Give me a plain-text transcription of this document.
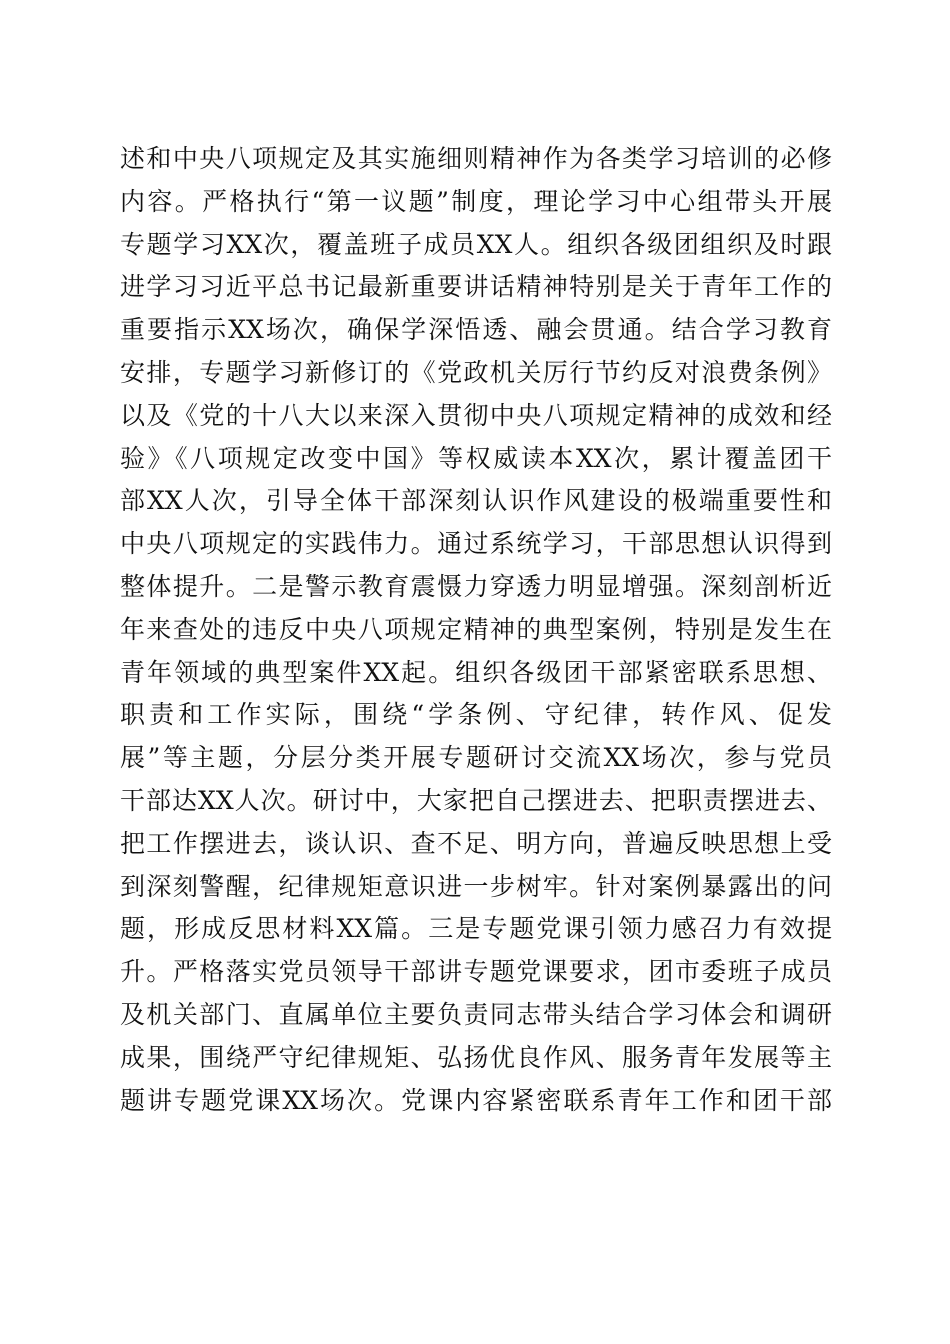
述和中央八项规定及其实施细则精神作为各类学习培训的必修
内容。严格执行“第一议题”制度，理论学习中心组带头开展
专题学习XX次，覆盖班子成员XX人。组织各级团组织及时跟
进学习习近平总书记最新重要讲话精神特别是关于青年工作的
重要指示XX场次，确保学深悟透、融会贯通。结合学习教育
安排，专题学习新修订的《党政机关厉行节约反对浪费条例》
以及《党的十八大以来深入贯彻中央八项规定精神的成效和经
验》《八项规定改变中国》等权威读本XX次，累计覆盖团干
部XX人次，引导全体干部深刻认识作风建设的极端重要性和
中央八项规定的实践伟力。通过系统学习，干部思想认识得到
整体提升。二是警示教育震慑力穿透力明显增强。深刻剖析近
年来查处的违反中央八项规定精神的典型案例，特别是发生在
青年领域的典型案件XX起。组织各级团干部紧密联系思想、
职责和工作实际，围绕“学条例、守纪律，转作风、促发
展”等主题，分层分类开展专题研讨交流XX场次，参与党员
干部达XX人次。研讨中，大家把自己摆进去、把职责摆进去、
把工作摆进去，谈认识、查不足、明方向，普遍反映思想上受
到深刻警醒，纪律规矩意识进一步树牢。针对案例暴露出的问
题，形成反思材料XX篇。三是专题党课引领力感召力有效提
升。严格落实党员领导干部讲专题党课要求，团市委班子成员
及机关部门、直属单位主要负责同志带头结合学习体会和调研
成果，围绕严守纪律规矩、弘扬优良作风、服务青年发展等主
题讲专题党课XX场次。党课内容紧密联系青年工作和团干部
